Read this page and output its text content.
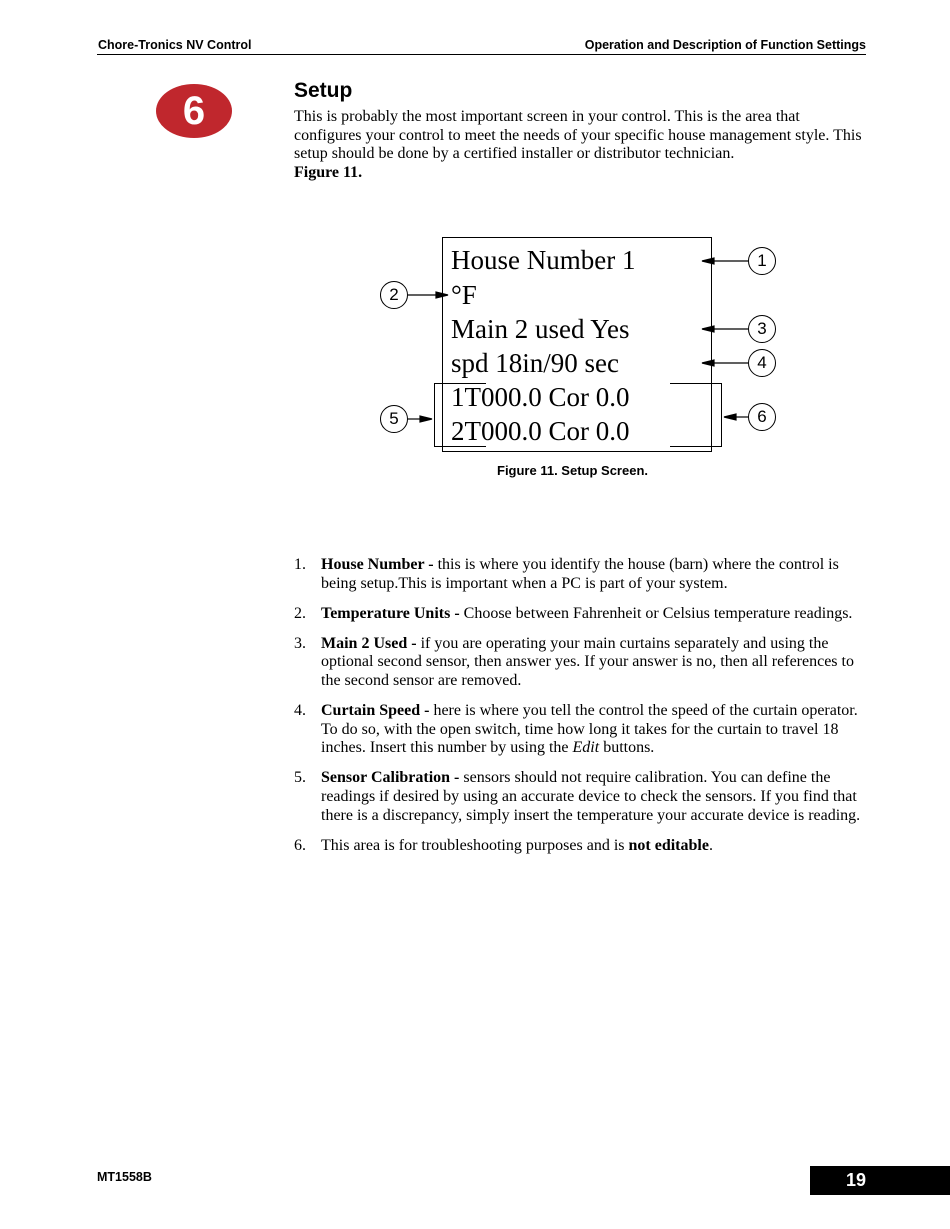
Chore-Tronics NV Control	Operation and Description of Function Settings
6	Setup
This is probably the most important screen in your control. This is the area that configures your control to meet the needs of your specific house management style. This setup should be done by a certified installer or distributor technician.
Figure 11.
House Number 1
°F
Main 2 used Yes
spd 18in/90 sec
1T000.0 Cor 0.0
2T000.0 Cor 0.0
1
2
3
4
5	6
Figure 11. Setup Screen.
1. House Number - this is where you identify the house (barn) where the control is being setup.This is important when a PC is part of your system.
2. Temperature Units - Choose between Fahrenheit or Celsius temperature readings.
3. Main 2 Used - if you are operating your main curtains separately and using the optional second sensor, then answer yes. If your answer is no, then all references to the second sensor are removed.
4. Curtain Speed - here is where you tell the control the speed of the curtain operator. To do so, with the open switch, time how long it takes for the curtain to travel 18 inches. Insert this number by using the Edit buttons.
5. Sensor Calibration - sensors should not require calibration. You can define the readings if desired by using an accurate device to check the sensors. If you find that there is a discrepancy, simply insert the temperature your accurate device is reading.
6. This area is for troubleshooting purposes and is not editable.
MT1558B	19
